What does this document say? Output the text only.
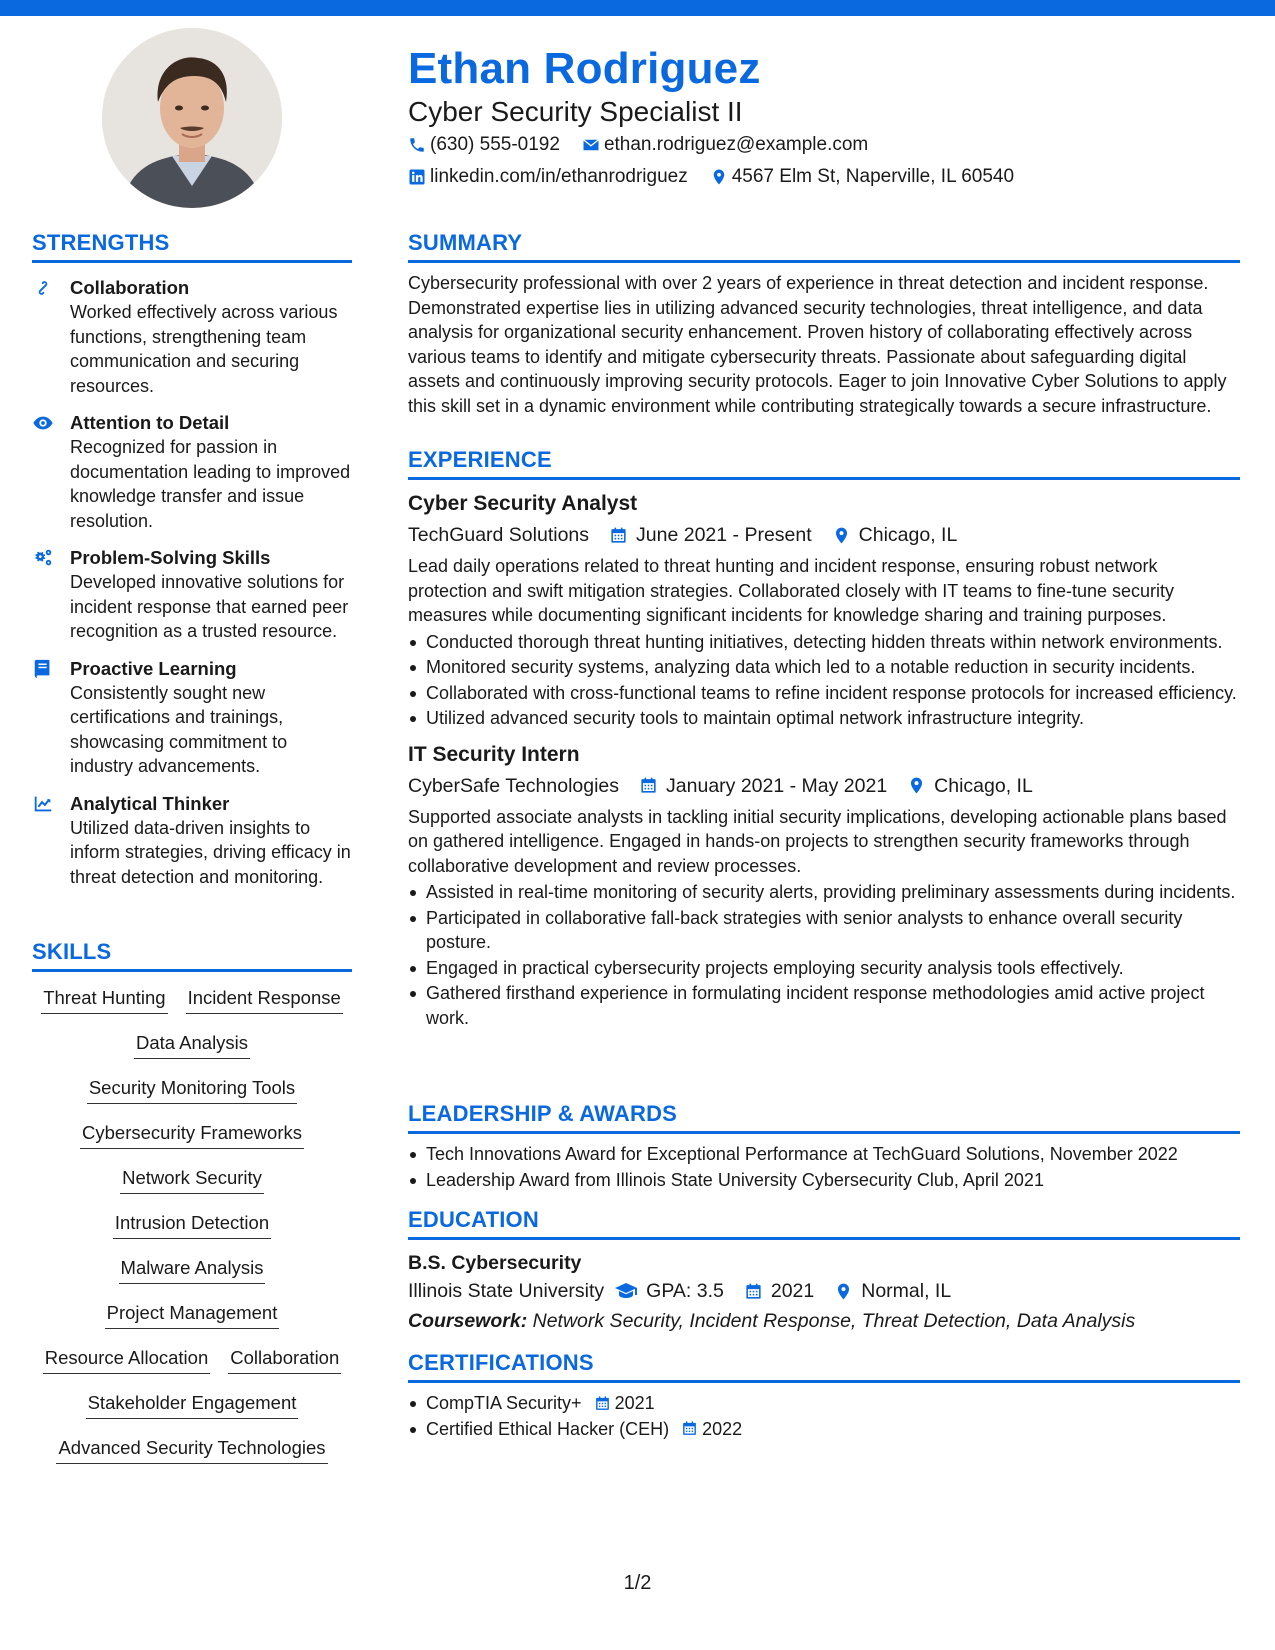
Ethan Rodriguez
Cyber Security Specialist II
(630) 555-0192 ethan.rodriguez@example.com
linkedin.com/in/ethanrodriguez 4567 Elm St, Naperville, IL 60540
STRENGTHS
Collaboration
Worked effectively across various functions, strengthening team communication and securing resources.
Attention to Detail
Recognized for passion in documentation leading to improved knowledge transfer and issue resolution.
Problem-Solving Skills
Developed innovative solutions for incident response that earned peer recognition as a trusted resource.
Proactive Learning
Consistently sought new certifications and trainings, showcasing commitment to industry advancements.
Analytical Thinker
Utilized data-driven insights to inform strategies, driving efficacy in threat detection and monitoring.
SKILLS
Threat Hunting Incident Response
Data Analysis
Security Monitoring Tools
Cybersecurity Frameworks
Network Security
Intrusion Detection
Malware Analysis
Project Management
Resource Allocation Collaboration
Stakeholder Engagement
Advanced Security Technologies
SUMMARY
Cybersecurity professional with over 2 years of experience in threat detection and incident response. Demonstrated expertise lies in utilizing advanced security technologies, threat intelligence, and data analysis for organizational security enhancement. Proven history of collaborating effectively across various teams to identify and mitigate cybersecurity threats. Passionate about safeguarding digital assets and continuously improving security protocols. Eager to join Innovative Cyber Solutions to apply this skill set in a dynamic environment while contributing strategically towards a secure infrastructure.
EXPERIENCE
Cyber Security Analyst
TechGuard Solutions June 2021 - Present Chicago, IL
Lead daily operations related to threat hunting and incident response, ensuring robust network protection and swift mitigation strategies. Collaborated closely with IT teams to fine-tune security measures while documenting significant incidents for knowledge sharing and training purposes.
Conducted thorough threat hunting initiatives, detecting hidden threats within network environments.
Monitored security systems, analyzing data which led to a notable reduction in security incidents.
Collaborated with cross-functional teams to refine incident response protocols for increased efficiency.
Utilized advanced security tools to maintain optimal network infrastructure integrity.
IT Security Intern
CyberSafe Technologies January 2021 - May 2021 Chicago, IL
Supported associate analysts in tackling initial security implications, developing actionable plans based on gathered intelligence. Engaged in hands-on projects to strengthen security frameworks through collaborative development and review processes.
Assisted in real-time monitoring of security alerts, providing preliminary assessments during incidents.
Participated in collaborative fall-back strategies with senior analysts to enhance overall security posture.
Engaged in practical cybersecurity projects employing security analysis tools effectively.
Gathered firsthand experience in formulating incident response methodologies amid active project work.
LEADERSHIP & AWARDS
Tech Innovations Award for Exceptional Performance at TechGuard Solutions, November 2022
Leadership Award from Illinois State University Cybersecurity Club, April 2021
EDUCATION
B.S. Cybersecurity
Illinois State University GPA: 3.5 2021 Normal, IL
Coursework: Network Security, Incident Response, Threat Detection, Data Analysis
CERTIFICATIONS
CompTIA Security+ 2021
Certified Ethical Hacker (CEH) 2022
1/2
